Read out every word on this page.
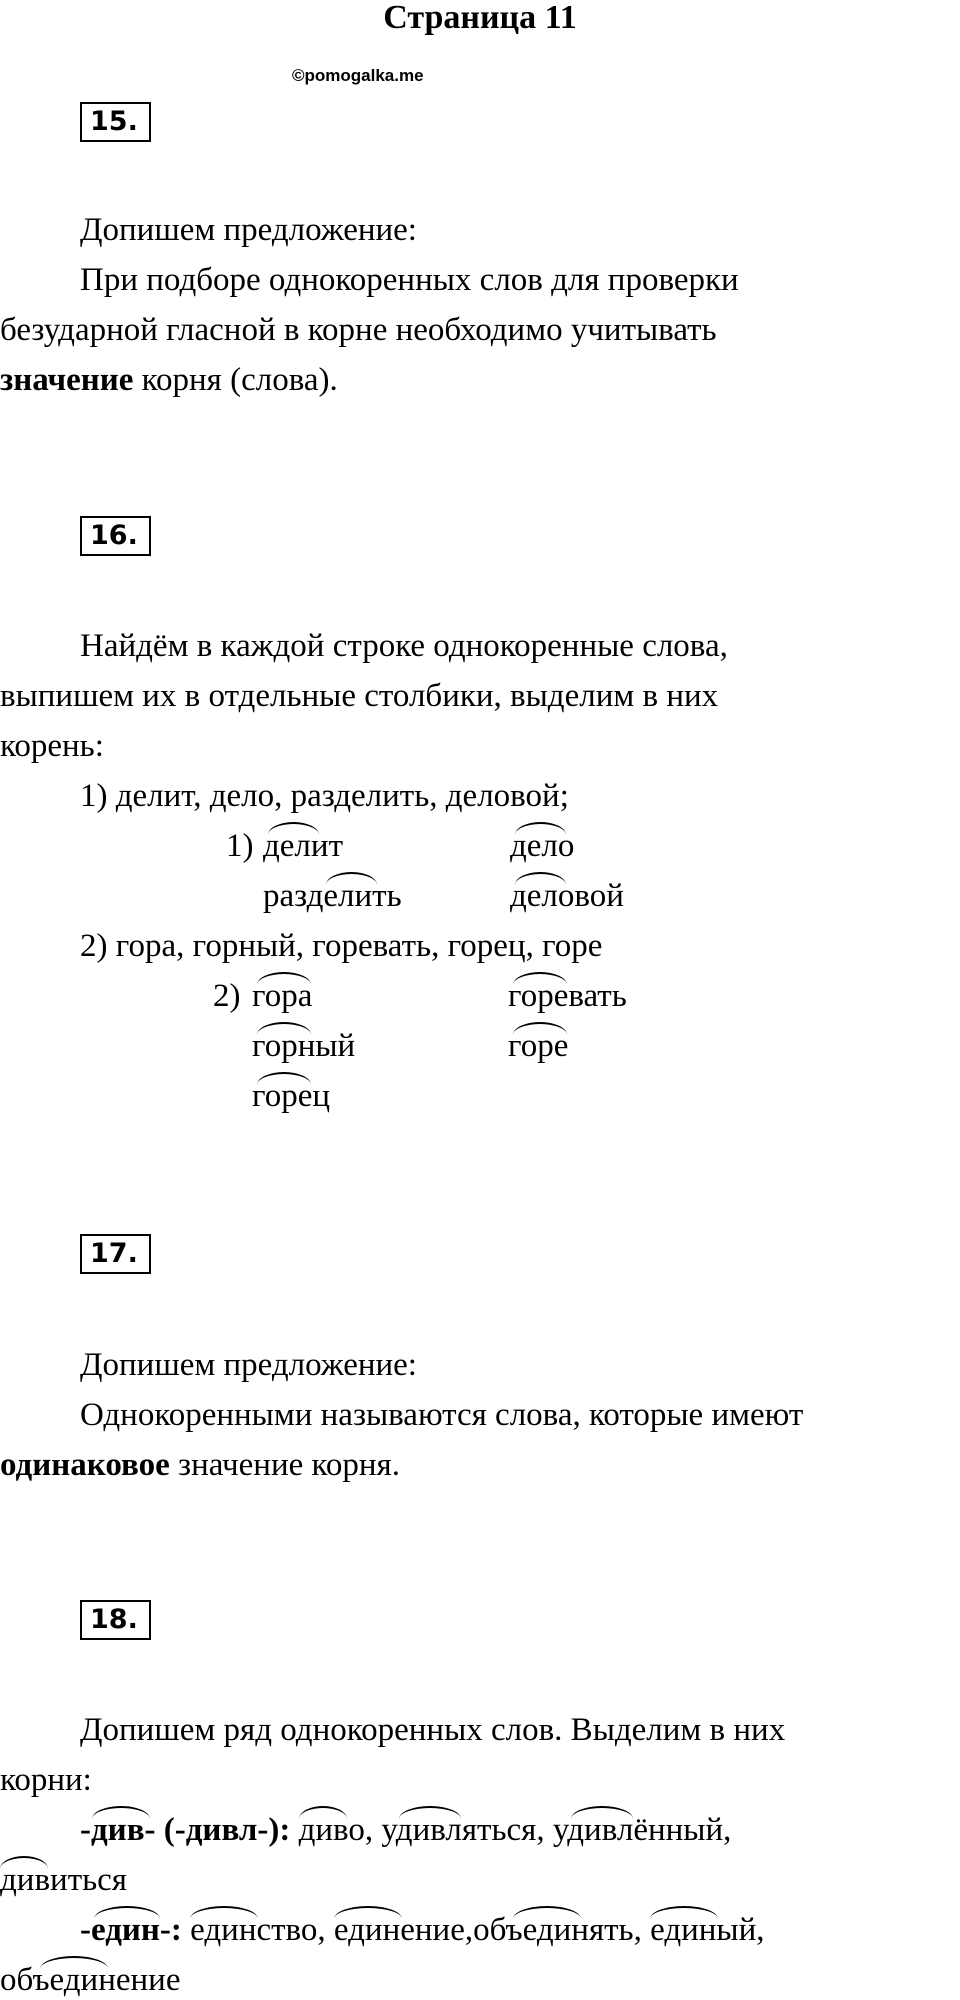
Страница 11
©pomogalka.me
15.
Допишем предложение:
При подборе однокоренных слов для проверки
безударной гласной в корне необходимо учитывать
значение корня (слова).
16.
Найдём в каждой строке однокоренные слова,
выпишем их в отдельные столбики, выделим в них
корень:
1) делит, дело, разделить, деловой;
1) делит	дело
разделить	деловой
2) гора, горный, горевать, горец, горе
2) гора	горевать
горный	горе
горец
17.
Допишем предложение:
Однокоренными называются слова, которые имеют
одинаковое значение корня.
18.
Допишем ряд однокоренных слов. Выделим в них
корни:
-див- (-дивл-): диво,
удивляться,
удивлённый,
дивиться
-един-: единство,
единение,
объединять,
единый,
объединение
